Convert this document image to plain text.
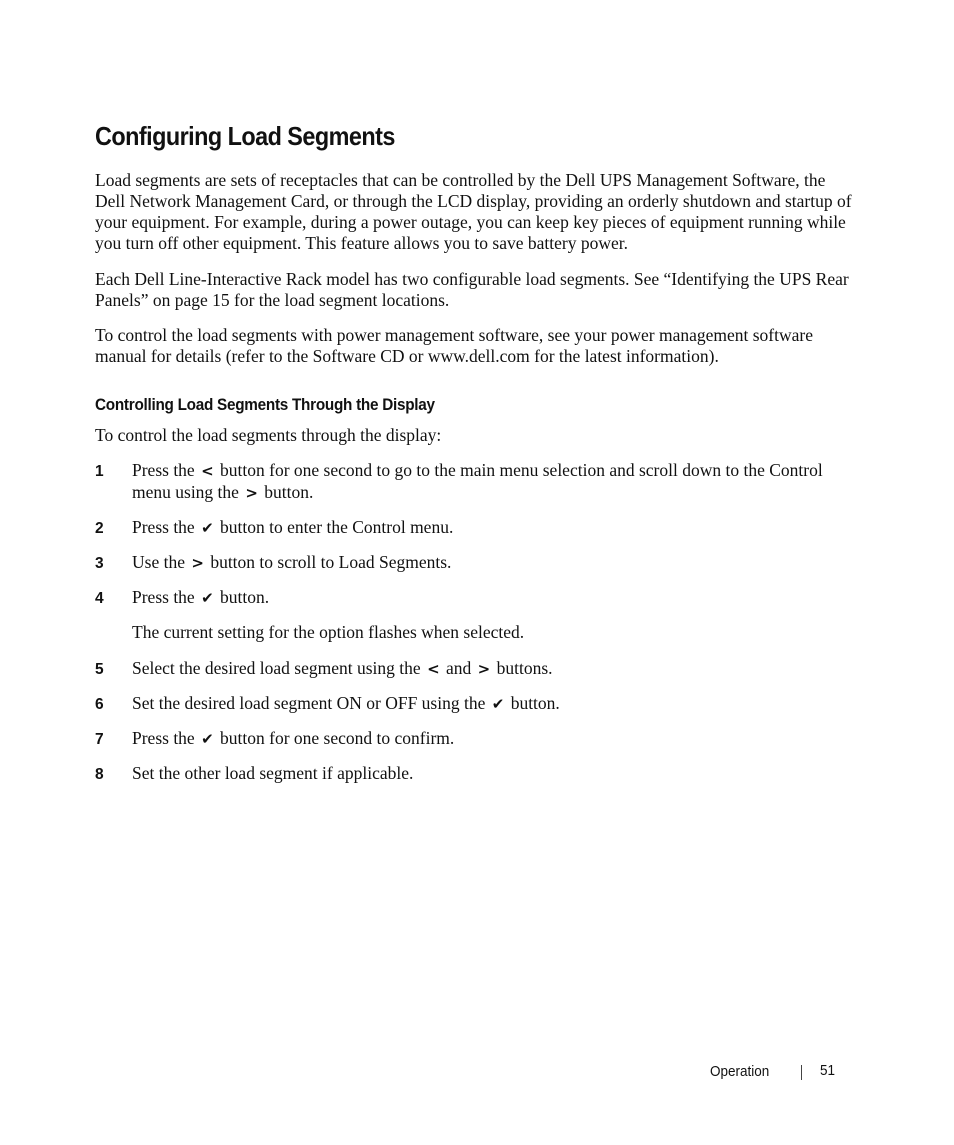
Configuring Load Segments

Load segments are sets of receptacles that can be controlled by the Dell UPS Management Software, the Dell Network Management Card, or through the LCD display, providing an orderly shutdown and startup of your equipment. For example, during a power outage, you can keep key pieces of equipment running while you turn off other equipment. This feature allows you to save battery power.

Each Dell Line-Interactive Rack model has two configurable load segments. See “Identifying the UPS Rear Panels” on page 15 for the load segment locations.

To control the load segments with power management software, see your power management software manual for details (refer to the Software CD or www.dell.com for the latest information).

Controlling Load Segments Through the Display

To control the load segments through the display:

1 Press the < button for one second to go to the main menu selection and scroll down to the Control menu using the > button.
2 Press the ✔ button to enter the Control menu.
3 Use the > button to scroll to Load Segments.
4 Press the ✔ button.

The current setting for the option flashes when selected.

5 Select the desired load segment using the < and > buttons.
6 Set the desired load segment ON or OFF using the ✔ button.
7 Press the ✔ button for one second to confirm.
8 Set the other load segment if applicable.
Operation	51
